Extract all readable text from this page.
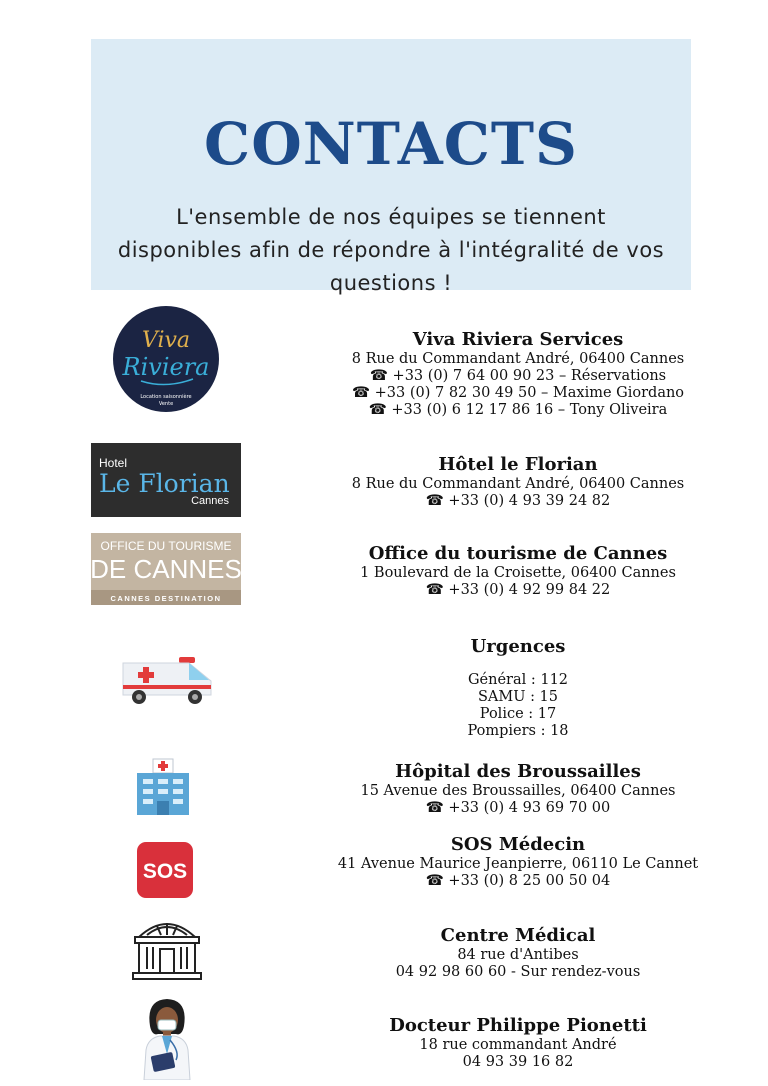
CONTACTS

L'ensemble de nos équipes se tiennent disponibles afin de répondre à l'intégralité de vos questions !

Viva
Riviera
Location saisonnière
Vente
Hotel
Le Florian
Cannes
OFFICE DU TOURISME
DE CANNES
CANNES DESTINATION
SOS
Viva Riviera Services
8 Rue du Commandant André, 06400 Cannes
☎ +33 (0) 7 64 00 90 23 – Réservations
☎ +33 (0) 7 82 30 49 50 – Maxime Giordano
☎ +33 (0) 6 12 17 86 16 – Tony Oliveira
Hôtel le Florian
8 Rue du Commandant André, 06400 Cannes
☎ +33 (0) 4 93 39 24 82
Office du tourisme de Cannes
1 Boulevard de la Croisette, 06400 Cannes
☎ +33 (0) 4 92 99 84 22
Urgences
Général : 112
SAMU : 15
Police : 17
Pompiers : 18
Hôpital des Broussailles
15 Avenue des Broussailles, 06400 Cannes
☎ +33 (0) 4 93 69 70 00
SOS Médecin
41 Avenue Maurice Jeanpierre, 06110 Le Cannet
☎ +33 (0) 8 25 00 50 04
Centre Médical
84 rue d'Antibes
04 92 98 60 60 - Sur rendez-vous
Docteur Philippe Pionetti
18 rue commandant André
04 93 39 16 82
